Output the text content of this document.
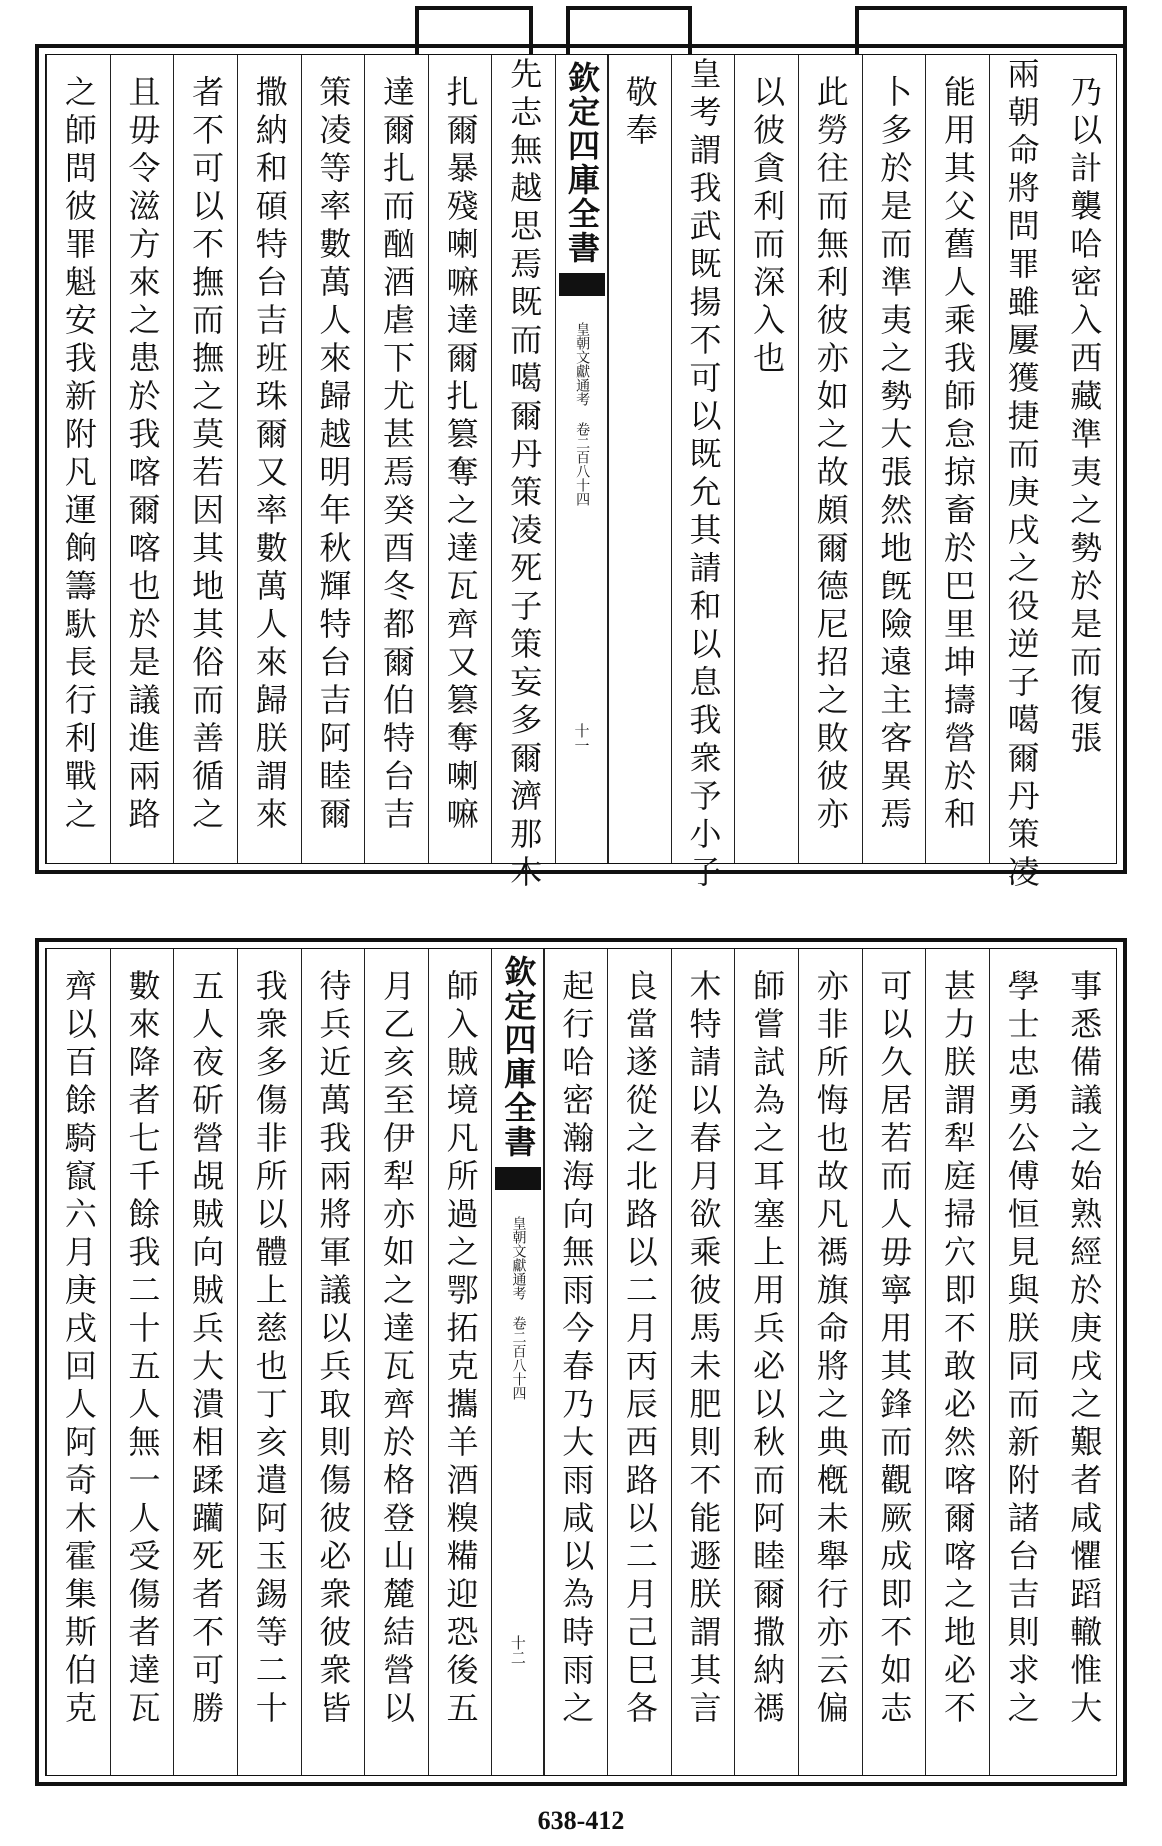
乃以計襲哈密入西藏準夷之勢於是而復張
兩朝命將問罪雖屢獲捷而庚戌之役逆子噶爾丹策凌
能用其父舊人乘我師怠掠畜於巴里坤擣營於和
卜多於是而準夷之勢大張然地旣險遠主客異焉
此勞往而無利彼亦如之故頗爾德尼招之敗彼亦
以彼貪利而深入也
皇考謂我武既揚不可以既允其請和以息我衆予小子
敬奉
欽定四庫全書
皇朝文獻通考 卷二百八十四
十一
先志無越思焉既而噶爾丹策凌死子策妄多爾濟那木
扎爾暴殘喇嘛達爾扎篡奪之達瓦齊又篡奪喇嘛
達爾扎而酗酒虐下尤甚焉癸酉冬都爾伯特台吉
策凌等率數萬人來歸越明年秋輝特台吉阿睦爾
撒納和碩特台吉班珠爾又率數萬人來歸朕謂來
者不可以不撫而撫之莫若因其地其俗而善循之
且毋令滋方來之患於我喀爾喀也於是議進兩路
之師問彼罪魁安我新附凡運餉籌馱長行利戰之
事悉備議之始熟經於庚戌之艱者咸懼蹈轍惟大
學士忠勇公傅恒見與朕同而新附諸台吉則求之
甚力朕謂犁庭掃穴即不敢必然喀爾喀之地必不
可以久居若而人毋寧用其鋒而觀厥成即不如志
亦非所悔也故凡禡旗命將之典槪未舉行亦云偏
師嘗試為之耳塞上用兵必以秋而阿睦爾撒納禡
木特請以春月欲乘彼馬未肥則不能遯朕謂其言
良當遂從之北路以二月丙辰西路以二月己巳各
起行哈密瀚海向無雨今春乃大雨咸以為時雨之
欽定四庫全書
皇朝文獻通考 卷二百八十四
十二
師入賊境凡所過之鄂拓克攜羊酒糗糒迎恐後五
月乙亥至伊犁亦如之達瓦齊於格登山麓結營以
待兵近萬我兩將軍議以兵取則傷彼必衆彼衆皆
我衆多傷非所以體上慈也丁亥遣阿玉錫等二十
五人夜斫營覘賊向賊兵大潰相蹂躪死者不可勝
數來降者七千餘我二十五人無一人受傷者達瓦
齊以百餘騎竄六月庚戌回人阿奇木霍集斯伯克
638-412
